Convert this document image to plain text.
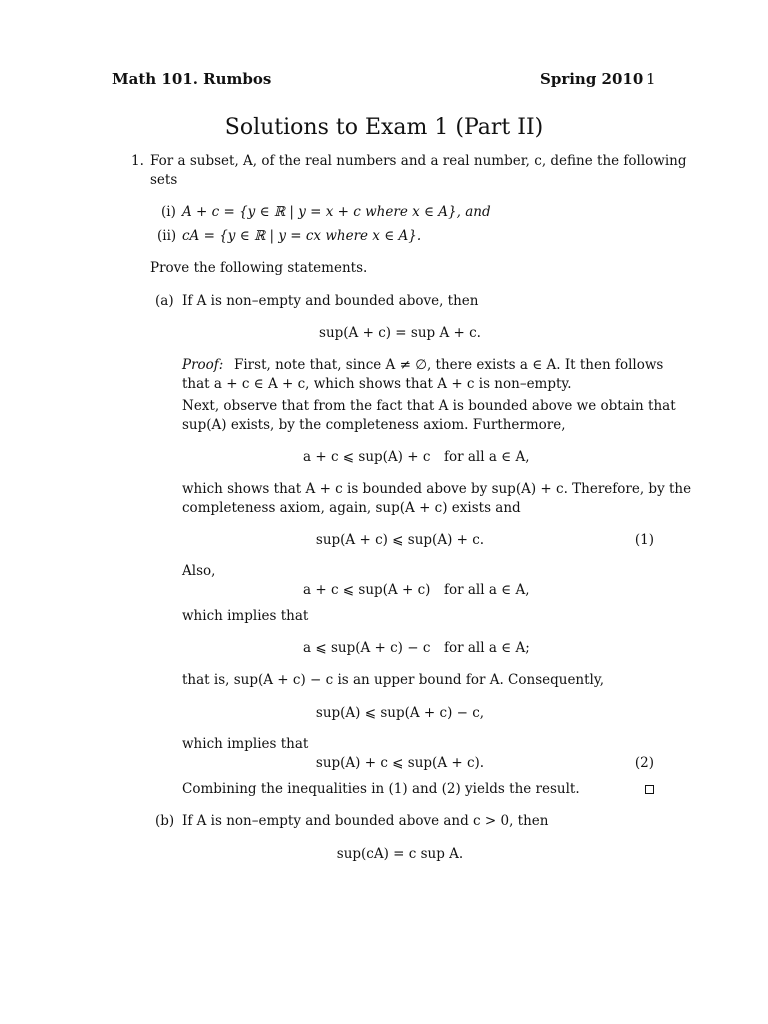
Math 101. Rumbos	Spring 2010 1
Solutions to Exam 1 (Part II)
1. For a subset, A, of the real numbers and a real number, c, define the following
sets
(i) A + c = {y ∈ ℝ | y = x + c where x ∈ A}, and
(ii) cA = {y ∈ ℝ | y = cx where x ∈ A}.
Prove the following statements.
(a) If A is non–empty and bounded above, then
sup(A + c) = sup A + c.
Proof: First, note that, since A ≠ ∅, there exists a ∈ A. It then follows
that a + c ∈ A + c, which shows that A + c is non–empty.
Next, observe that from the fact that A is bounded above we obtain that
sup(A) exists, by the completeness axiom. Furthermore,
a + c ⩽ sup(A) + c for all a ∈ A,
which shows that A + c is bounded above by sup(A) + c. Therefore, by the
completeness axiom, again, sup(A + c) exists and
sup(A + c) ⩽ sup(A) + c.	(1)
Also,
a + c ⩽ sup(A + c) for all a ∈ A,
which implies that
a ⩽ sup(A + c) − c for all a ∈ A;
that is, sup(A + c) − c is an upper bound for A. Consequently,
sup(A) ⩽ sup(A + c) − c,
which implies that
sup(A) + c ⩽ sup(A + c).	(2)
Combining the inequalities in (1) and (2) yields the result.
(b) If A is non–empty and bounded above and c > 0, then
sup(cA) = c sup A.
